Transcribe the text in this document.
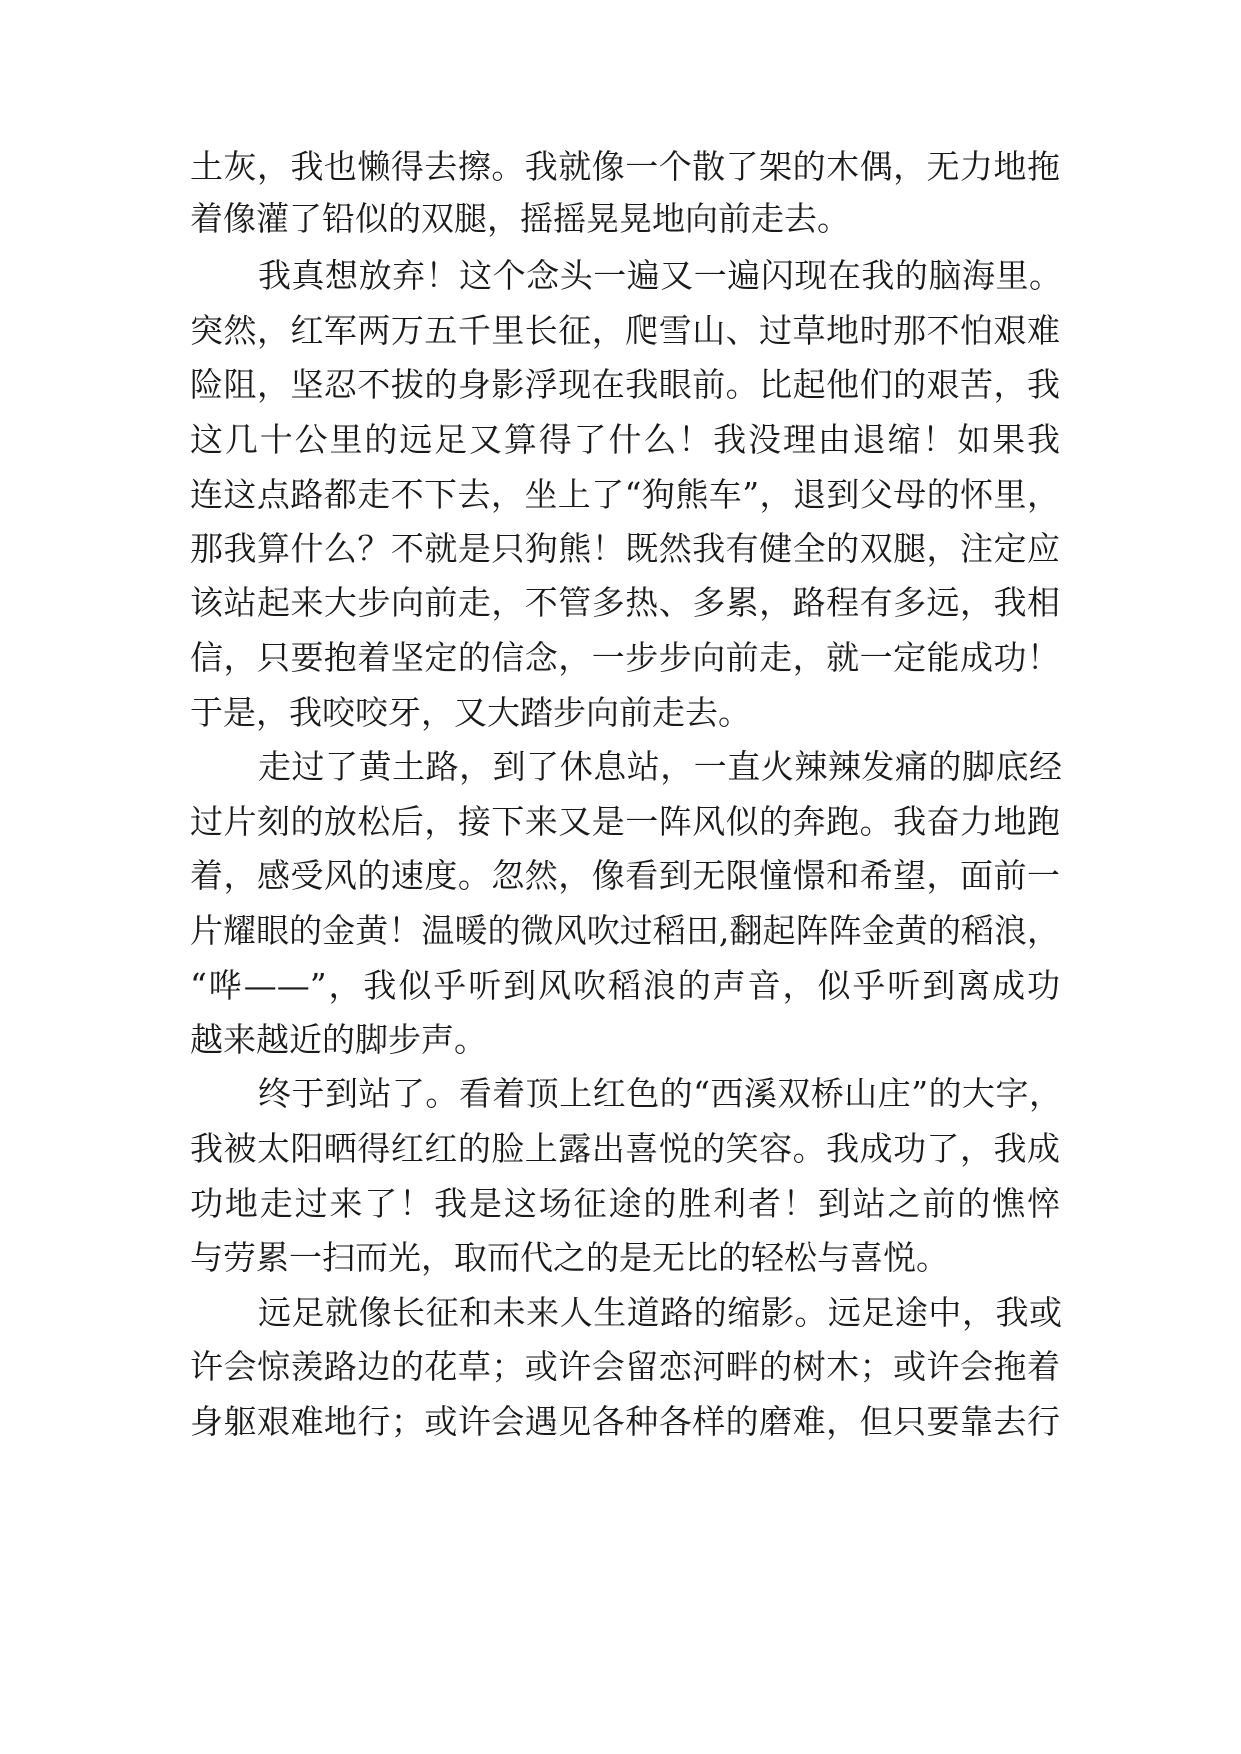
土灰，我也懒得去擦。我就像一个散了架的木偶，无力地拖
着像灌了铅似的双腿，摇摇晃晃地向前走去。
我真想放弃！这个念头一遍又一遍闪现在我的脑海里。
突然，红军两万五千里长征，爬雪山、过草地时那不怕艰难
险阻，坚忍不拔的身影浮现在我眼前。比起他们的艰苦，我
这几十公里的远足又算得了什么！我没理由退缩！如果我
连这点路都走不下去，坐上了“狗熊车”，退到父母的怀里，
那我算什么？不就是只狗熊！既然我有健全的双腿，注定应
该站起来大步向前走，不管多热、多累，路程有多远，我相
信，只要抱着坚定的信念，一步步向前走，就一定能成功！
于是，我咬咬牙，又大踏步向前走去。
走过了黄土路，到了休息站，一直火辣辣发痛的脚底经
过片刻的放松后，接下来又是一阵风似的奔跑。我奋力地跑
着，感受风的速度。忽然，像看到无限憧憬和希望，面前一
片耀眼的金黄！温暖的微风吹过稻田,翻起阵阵金黄的稻浪，
“哗——”，我似乎听到风吹稻浪的声音，似乎听到离成功
越来越近的脚步声。
终于到站了。看着顶上红色的“西溪双桥山庄”的大字，
我被太阳晒得红红的脸上露出喜悦的笑容。我成功了，我成
功地走过来了！我是这场征途的胜利者！到站之前的憔悴
与劳累一扫而光，取而代之的是无比的轻松与喜悦。
远足就像长征和未来人生道路的缩影。远足途中，我或
许会惊羡路边的花草；或许会留恋河畔的树木；或许会拖着
身躯艰难地行；或许会遇见各种各样的磨难，但只要靠去行
